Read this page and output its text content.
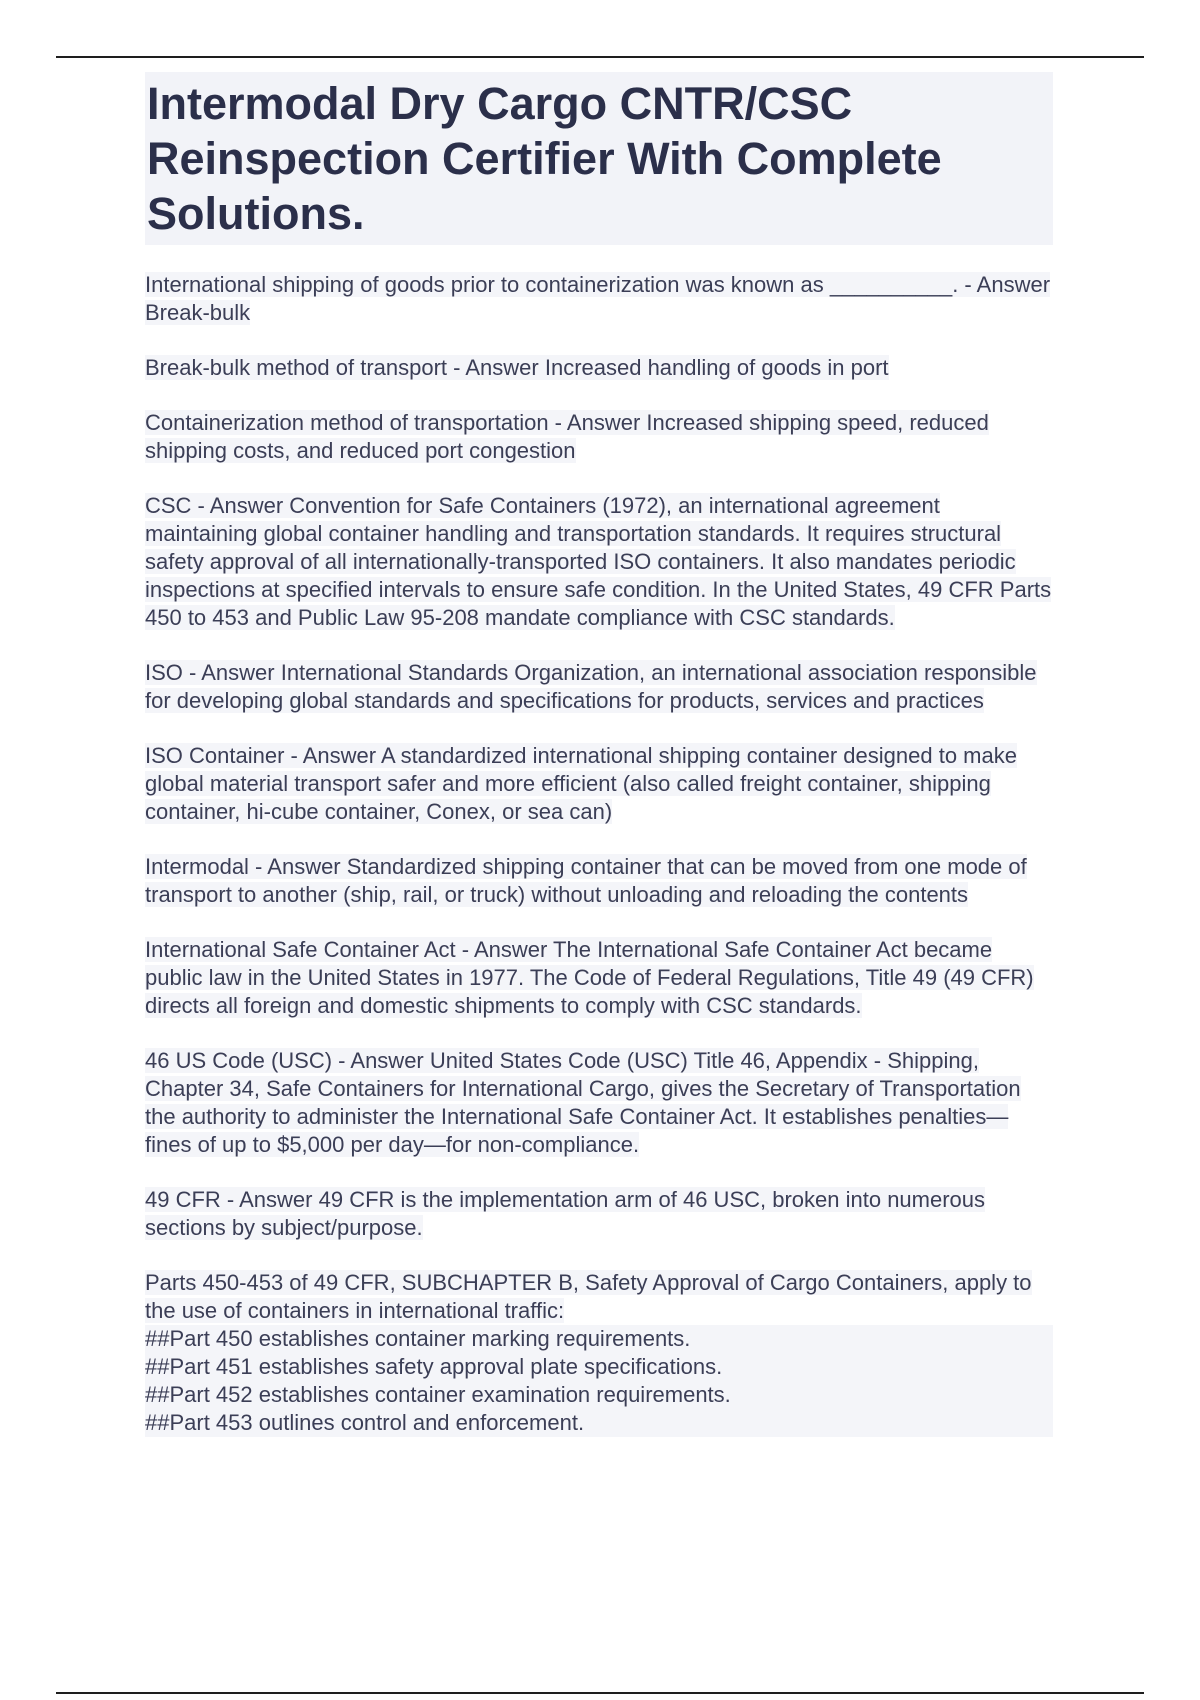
Intermodal Dry Cargo CNTR/CSC Reinspection Certifier With Complete Solutions.

International shipping of goods prior to containerization was known as __________. - Answer Break-bulk

Break-bulk method of transport - Answer Increased handling of goods in port

Containerization method of transportation - Answer Increased shipping speed, reduced shipping costs, and reduced port congestion

CSC - Answer Convention for Safe Containers (1972), an international agreement maintaining global container handling and transportation standards. It requires structural safety approval of all internationally-transported ISO containers. It also mandates periodic inspections at specified intervals to ensure safe condition. In the United States, 49 CFR Parts 450 to 453 and Public Law 95-208 mandate compliance with CSC standards.

ISO - Answer International Standards Organization, an international association responsible for developing global standards and specifications for products, services and practices

ISO Container - Answer A standardized international shipping container designed to make global material transport safer and more efficient (also called freight container, shipping container, hi-cube container, Conex, or sea can)

Intermodal - Answer Standardized shipping container that can be moved from one mode of transport to another (ship, rail, or truck) without unloading and reloading the contents

International Safe Container Act - Answer The International Safe Container Act became public law in the United States in 1977. The Code of Federal Regulations, Title 49 (49 CFR) directs all foreign and domestic shipments to comply with CSC standards.

46 US Code (USC) - Answer United States Code (USC) Title 46, Appendix - Shipping, Chapter 34, Safe Containers for International Cargo, gives the Secretary of Transportation the authority to administer the International Safe Container Act. It establishes penalties—fines of up to $5,000 per day—for non-compliance.

49 CFR - Answer 49 CFR is the implementation arm of 46 USC, broken into numerous sections by subject/purpose.

Parts 450-453 of 49 CFR, SUBCHAPTER B, Safety Approval of Cargo Containers, apply to the use of containers in international traffic:
##Part 450 establishes container marking requirements.
##Part 451 establishes safety approval plate specifications.
##Part 452 establishes container examination requirements.
##Part 453 outlines control and enforcement.
